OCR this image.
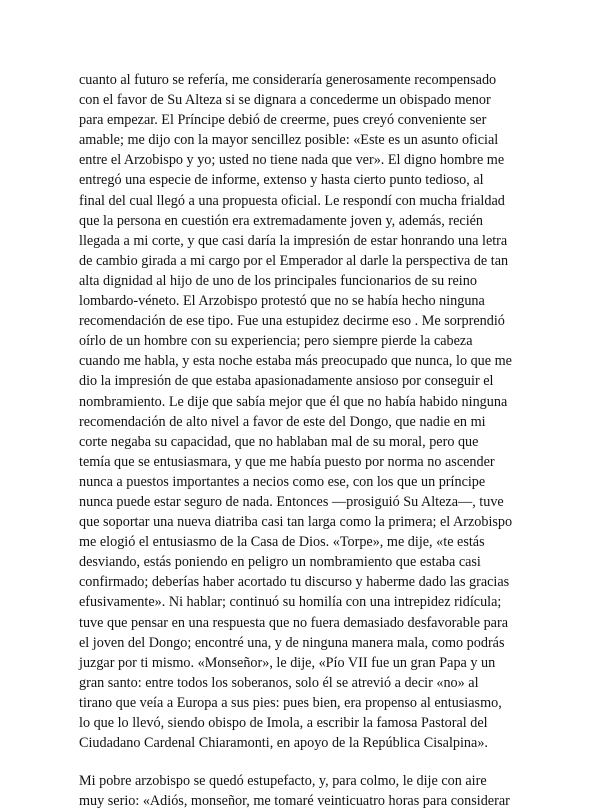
cuanto al futuro se refería, me consideraría generosamente recompensado
con el favor de Su Alteza si se dignara a concederme un obispado menor
para empezar. El Príncipe debió de creerme, pues creyó conveniente ser
amable; me dijo con la mayor sencillez posible: «Este es un asunto oficial
entre el Arzobispo y yo; usted no tiene nada que ver». El digno hombre me
entregó una especie de informe, extenso y hasta cierto punto tedioso, al
final del cual llegó a una propuesta oficial. Le respondí con mucha frialdad
que la persona en cuestión era extremadamente joven y, además, recién
llegada a mi corte, y que casi daría la impresión de estar honrando una letra
de cambio girada a mi cargo por el Emperador al darle la perspectiva de tan
alta dignidad al hijo de uno de los principales funcionarios de su reino
lombardo-véneto. El Arzobispo protestó que no se había hecho ninguna
recomendación de ese tipo. Fue una estupidez decirme eso . Me sorprendió
oírlo de un hombre con su experiencia; pero siempre pierde la cabeza
cuando me habla, y esta noche estaba más preocupado que nunca, lo que me
dio la impresión de que estaba apasionadamente ansioso por conseguir el
nombramiento. Le dije que sabía mejor que él que no había habido ninguna
recomendación de alto nivel a favor de este del Dongo, que nadie en mi
corte negaba su capacidad, que no hablaban mal de su moral, pero que
temía que se entusiasmara, y que me había puesto por norma no ascender
nunca a puestos importantes a necios como ese, con los que un príncipe
nunca puede estar seguro de nada. Entonces —prosiguió Su Alteza—, tuve
que soportar una nueva diatriba casi tan larga como la primera; el Arzobispo
me elogió el entusiasmo de la Casa de Dios. «Torpe», me dije, «te estás
desviando, estás poniendo en peligro un nombramiento que estaba casi
confirmado; deberías haber acortado tu discurso y haberme dado las gracias
efusivamente». Ni hablar; continuó su homilía con una intrepidez ridícula;
tuve que pensar en una respuesta que no fuera demasiado desfavorable para
el joven del Dongo; encontré una, y de ninguna manera mala, como podrás
juzgar por ti mismo. «Monseñor», le dije, «Pío VII fue un gran Papa y un
gran santo: entre todos los soberanos, solo él se atrevió a decir «no» al
tirano que veía a Europa a sus pies: pues bien, era propenso al entusiasmo,
lo que lo llevó, siendo obispo de Imola, a escribir la famosa Pastoral del
Ciudadano Cardenal Chiaramonti, en apoyo de la República Cisalpina».
Mi pobre arzobispo se quedó estupefacto, y, para colmo, le dije con aire
muy serio: «Adiós, monseñor, me tomaré veinticuatro horas para considerar
